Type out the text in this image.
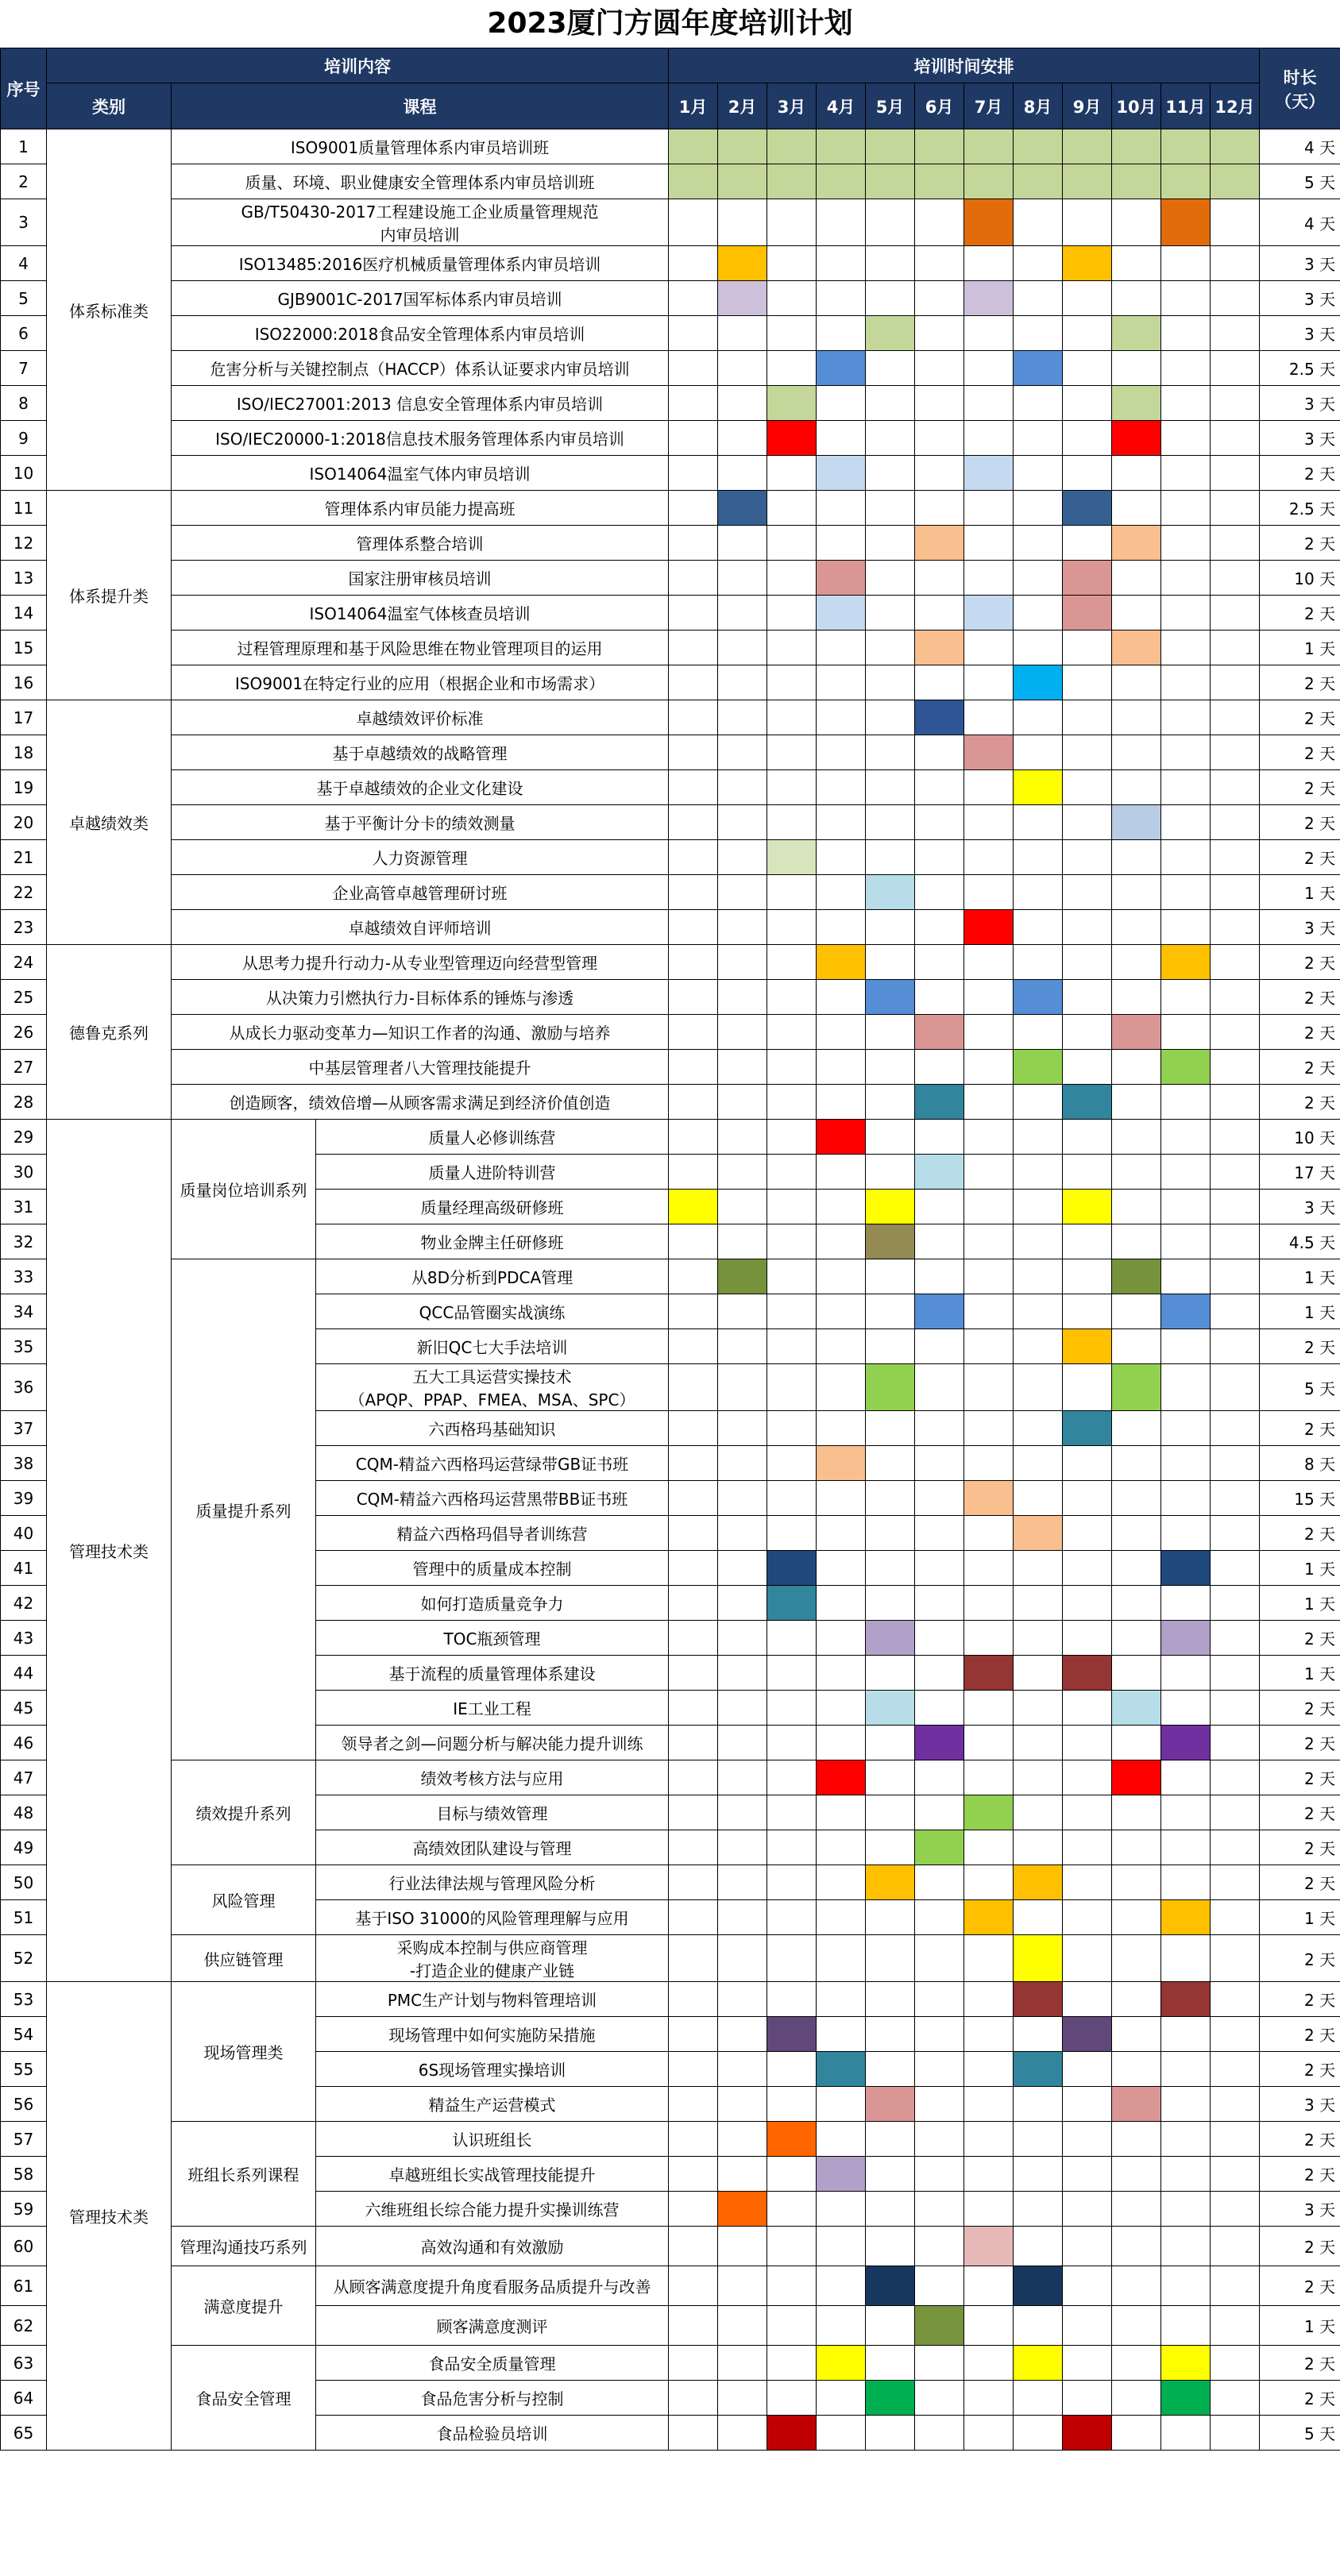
2023厦门方圆年度培训计划
序号	培训内容			培训时间安排												时长
（天）
	类别	课程		1月	2月	3月	4月	5月	6月	7月	8月	9月	10月	11月	12月	
1	体系标准类	ISO9001质量管理体系内审员培训班														4 天
2		质量、环境、职业健康安全管理体系内审员培训班														5 天
3		GB/T50430-2017工程建设施工企业质量管理规范
内审员培训														4 天
4		ISO13485:2016医疗机械质量管理体系内审员培训														3 天
5		GJB9001C-2017国军标体系内审员培训														3 天
6		ISO22000:2018食品安全管理体系内审员培训														3 天
7		危害分析与关键控制点（HACCP）体系认证要求内审员培训														2.5 天
8		ISO/IEC27001:2013 信息安全管理体系内审员培训														3 天
9		ISO/IEC20000-1:2018信息技术服务管理体系内审员培训														3 天
10		ISO14064温室气体内审员培训														2 天
11	体系提升类	管理体系内审员能力提高班														2.5 天
12		管理体系整合培训														2 天
13		国家注册审核员培训														10 天
14		ISO14064温室气体核查员培训														2 天
15		过程管理原理和基于风险思维在物业管理项目的运用														1 天
16		ISO9001在特定行业的应用（根据企业和市场需求）														2 天
17	卓越绩效类	卓越绩效评价标准														2 天
18		基于卓越绩效的战略管理														2 天
19		基于卓越绩效的企业文化建设														2 天
20		基于平衡计分卡的绩效测量														2 天
21		人力资源管理														2 天
22		企业高管卓越管理研讨班														1 天
23		卓越绩效自评师培训														3 天
24	德鲁克系列	从思考力提升行动力-从专业型管理迈向经营型管理														2 天
25		从决策力引燃执行力-目标体系的锤炼与渗透														2 天
26		从成长力驱动变革力—知识工作者的沟通、激励与培养														2 天
27		中基层管理者八大管理技能提升														2 天
28		创造顾客，绩效倍增—从顾客需求满足到经济价值创造														2 天
29	管理技术类	质量岗位培训系列	质量人必修训练营													10 天
30			质量人进阶特训营													17 天
31			质量经理高级研修班													3 天
32			物业金牌主任研修班													4.5 天
33		质量提升系列	从8D分析到PDCA管理													1 天
34			QCC品管圈实战演练													1 天
35			新旧QC七大手法培训													2 天
36			五大工具运营实操技术
（APQP、PPAP、FMEA、MSA、SPC）													5 天
37			六西格玛基础知识													2 天
38			CQM-精益六西格玛运营绿带GB证书班													8 天
39			CQM-精益六西格玛运营黑带BB证书班													15 天
40			精益六西格玛倡导者训练营													2 天
41			管理中的质量成本控制													1 天
42			如何打造质量竞争力													1 天
43			TOC瓶颈管理													2 天
44			基于流程的质量管理体系建设													1 天
45			IE工业工程													2 天
46			领导者之剑—问题分析与解决能力提升训练													2 天
47		绩效提升系列	绩效考核方法与应用													2 天
48			目标与绩效管理													2 天
49			高绩效团队建设与管理													2 天
50		风险管理	行业法律法规与管理风险分析													2 天
51			基于ISO 31000的风险管理理解与应用													1 天
52		供应链管理	采购成本控制与供应商管理
-打造企业的健康产业链													2 天
53	管理技术类	现场管理类	PMC生产计划与物料管理培训													2 天
54			现场管理中如何实施防呆措施													2 天
55			6S现场管理实操培训													2 天
56			精益生产运营模式													3 天
57		班组长系列课程	认识班组长													2 天
58			卓越班组长实战管理技能提升													2 天
59			六维班组长综合能力提升实操训练营													3 天
60		管理沟通技巧系列	高效沟通和有效激励													2 天
61		满意度提升	从顾客满意度提升角度看服务品质提升与改善													2 天
62			顾客满意度测评													1 天
63		食品安全管理	食品安全质量管理													2 天
64			食品危害分析与控制													2 天
65			食品检验员培训													5 天
